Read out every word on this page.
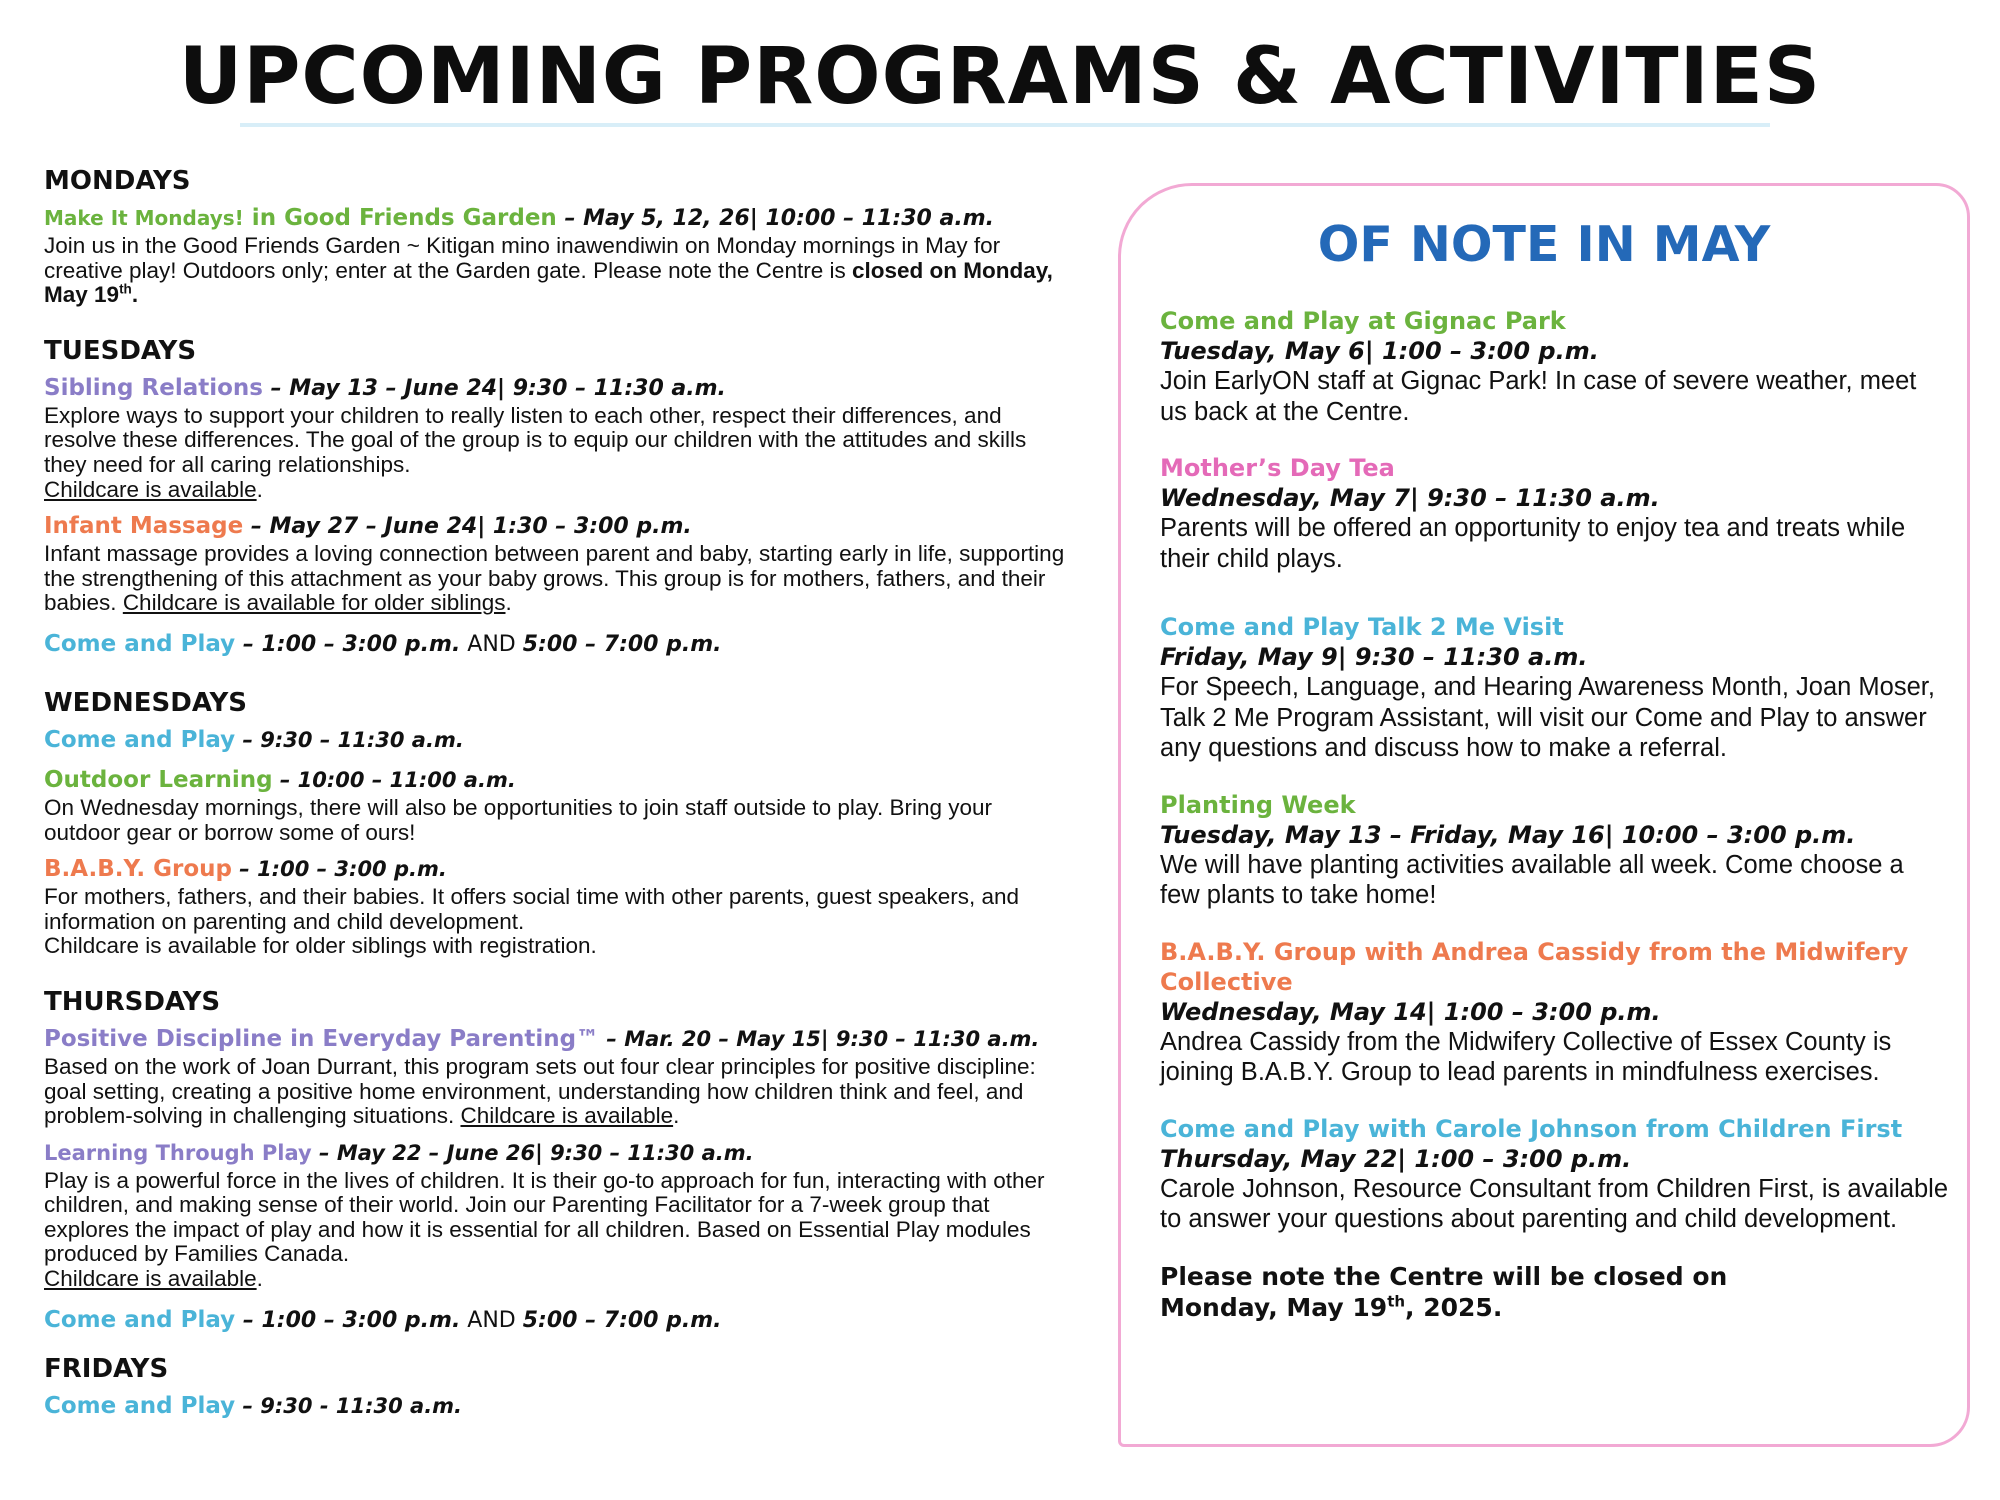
UPCOMING PROGRAMS & ACTIVITIES
MONDAYS
Make It Mondays! in Good Friends Garden – May 5, 12, 26| 10:00 – 11:30 a.m.

Join us in the Good Friends Garden ~ Kitigan mino inawendiwin on Monday mornings in May for creative play! Outdoors only; enter at the Garden gate. Please note the Centre is closed on Monday, May 19th.

TUESDAYS
Sibling Relations – May 13 – June 24| 9:30 – 11:30 a.m.

Explore ways to support your children to really listen to each other, respect their differences, and resolve these differences. The goal of the group is to equip our children with the attitudes and skills they need for all caring relationships.
Childcare is available.

Infant Massage – May 27 – June 24| 1:30 – 3:00 p.m.

Infant massage provides a loving connection between parent and baby, starting early in life, supporting the strengthening of this attachment as your baby grows. This group is for mothers, fathers, and their babies. Childcare is available for older siblings.

Come and Play – 1:00 – 3:00 p.m. AND 5:00 – 7:00 p.m.
WEDNESDAYS
Come and Play – 9:30 – 11:30 a.m.
Outdoor Learning – 10:00 – 11:00 a.m.

On Wednesday mornings, there will also be opportunities to join staff outside to play. Bring your outdoor gear or borrow some of ours!

B.A.B.Y. Group – 1:00 – 3:00 p.m.

For mothers, fathers, and their babies. It offers social time with other parents, guest speakers, and information on parenting and child development.
Childcare is available for older siblings with registration.

THURSDAYS
Positive Discipline in Everyday Parenting™ – Mar. 20 – May 15| 9:30 – 11:30 a.m.

Based on the work of Joan Durrant, this program sets out four clear principles for positive discipline: goal setting, creating a positive home environment, understanding how children think and feel, and problem-solving in challenging situations. Childcare is available.

Learning Through Play – May 22 – June 26| 9:30 – 11:30 a.m.

Play is a powerful force in the lives of children. It is their go-to approach for fun, interacting with other children, and making sense of their world. Join our Parenting Facilitator for a 7-week group that explores the impact of play and how it is essential for all children. Based on Essential Play modules produced by Families Canada.
Childcare is available.

Come and Play – 1:00 – 3:00 p.m. AND 5:00 – 7:00 p.m.
FRIDAYS
Come and Play – 9:30 - 11:30 a.m.
OF NOTE IN MAY
Come and Play at Gignac Park
Tuesday, May 6| 1:00 – 3:00 p.m.

Join EarlyON staff at Gignac Park! In case of severe weather, meet us back at the Centre.

Mother’s Day Tea
Wednesday, May 7| 9:30 – 11:30 a.m.

Parents will be offered an opportunity to enjoy tea and treats while their child plays.

Come and Play Talk 2 Me Visit
Friday, May 9| 9:30 – 11:30 a.m.

For Speech, Language, and Hearing Awareness Month, Joan Moser, Talk 2 Me Program Assistant, will visit our Come and Play to answer any questions and discuss how to make a referral.

Planting Week
Tuesday, May 13 – Friday, May 16| 10:00 – 3:00 p.m.

We will have planting activities available all week. Come choose a few plants to take home!

B.A.B.Y. Group with Andrea Cassidy from the Midwifery Collective
Wednesday, May 14| 1:00 – 3:00 p.m.

Andrea Cassidy from the Midwifery Collective of Essex County is joining B.A.B.Y. Group to lead parents in mindfulness exercises.

Come and Play with Carole Johnson from Children First
Thursday, May 22| 1:00 – 3:00 p.m.

Carole Johnson, Resource Consultant from Children First, is available to answer your questions about parenting and child development.

Please note the Centre will be closed on
Monday, May 19th, 2025.
